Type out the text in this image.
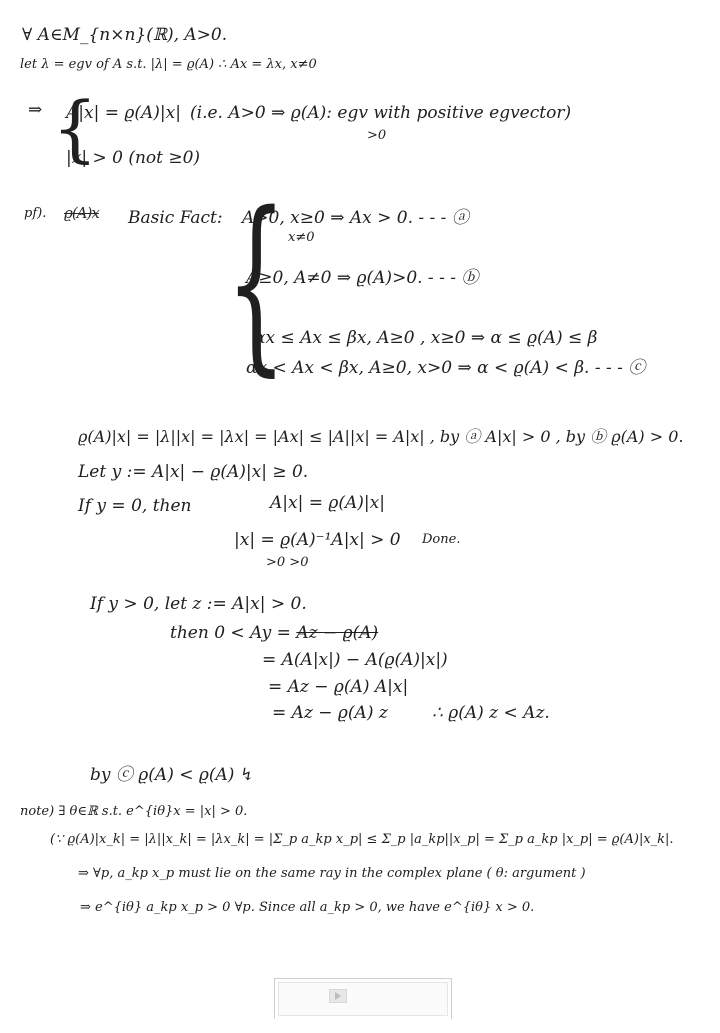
∀ A∈M_{n×n}(ℝ), A>0.
let λ = egv of A s.t. |λ| = ϱ(A) ∴ Ax = λx, x≠0
⇒ {
A|x| = ϱ(A)|x| (i.e. A>0 ⇒ ϱ(A): egv with positive egvector)
>0
|x| > 0 (not ≥0)
pf). ϱ(A)x Basic Fact: {
A>0, x≥0 ⇒ Ax > 0. - - - ⓐ
x≠0
A≥0, A≠0 ⇒ ϱ(A)>0. - - - ⓑ
αx ≤ Ax ≤ βx, A≥0 , x≥0 ⇒ α ≤ ϱ(A) ≤ β
αx < Ax < βx, A≥0, x>0 ⇒ α < ϱ(A) < β. - - - ⓒ
ϱ(A)|x| = |λ||x| = |λx| = |Ax| ≤ |A||x| = A|x| , by ⓐ A|x| > 0 , by ⓑ ϱ(A) > 0.
Let y := A|x| − ϱ(A)|x| ≥ 0.
If y = 0, then	A|x| = ϱ(A)|x|
|x| = ϱ(A)⁻¹A|x| > 0 Done.
>0 >0
If y > 0, let z := A|x| > 0.
then 0 < Ay = Az − ϱ(A)
= A(A|x|) − A(ϱ(A)|x|)
= Az − ϱ(A) A|x|
= Az − ϱ(A) z	∴ ϱ(A) z < Az.
by ⓒ ϱ(A) < ϱ(A) ↯
note) ∃ θ∈ℝ s.t. e^{iθ}x = |x| > 0.
(∵ ϱ(A)|x_k| = |λ||x_k| = |λx_k| = |Σ_p a_kp x_p| ≤ Σ_p |a_kp||x_p| = Σ_p a_kp |x_p| = ϱ(A)|x_k|.
⇒ ∀p, a_kp x_p must lie on the same ray in the complex plane ( θ: argument )
⇒ e^{iθ} a_kp x_p > 0 ∀p. Since all a_kp > 0, we have e^{iθ} x > 0.
